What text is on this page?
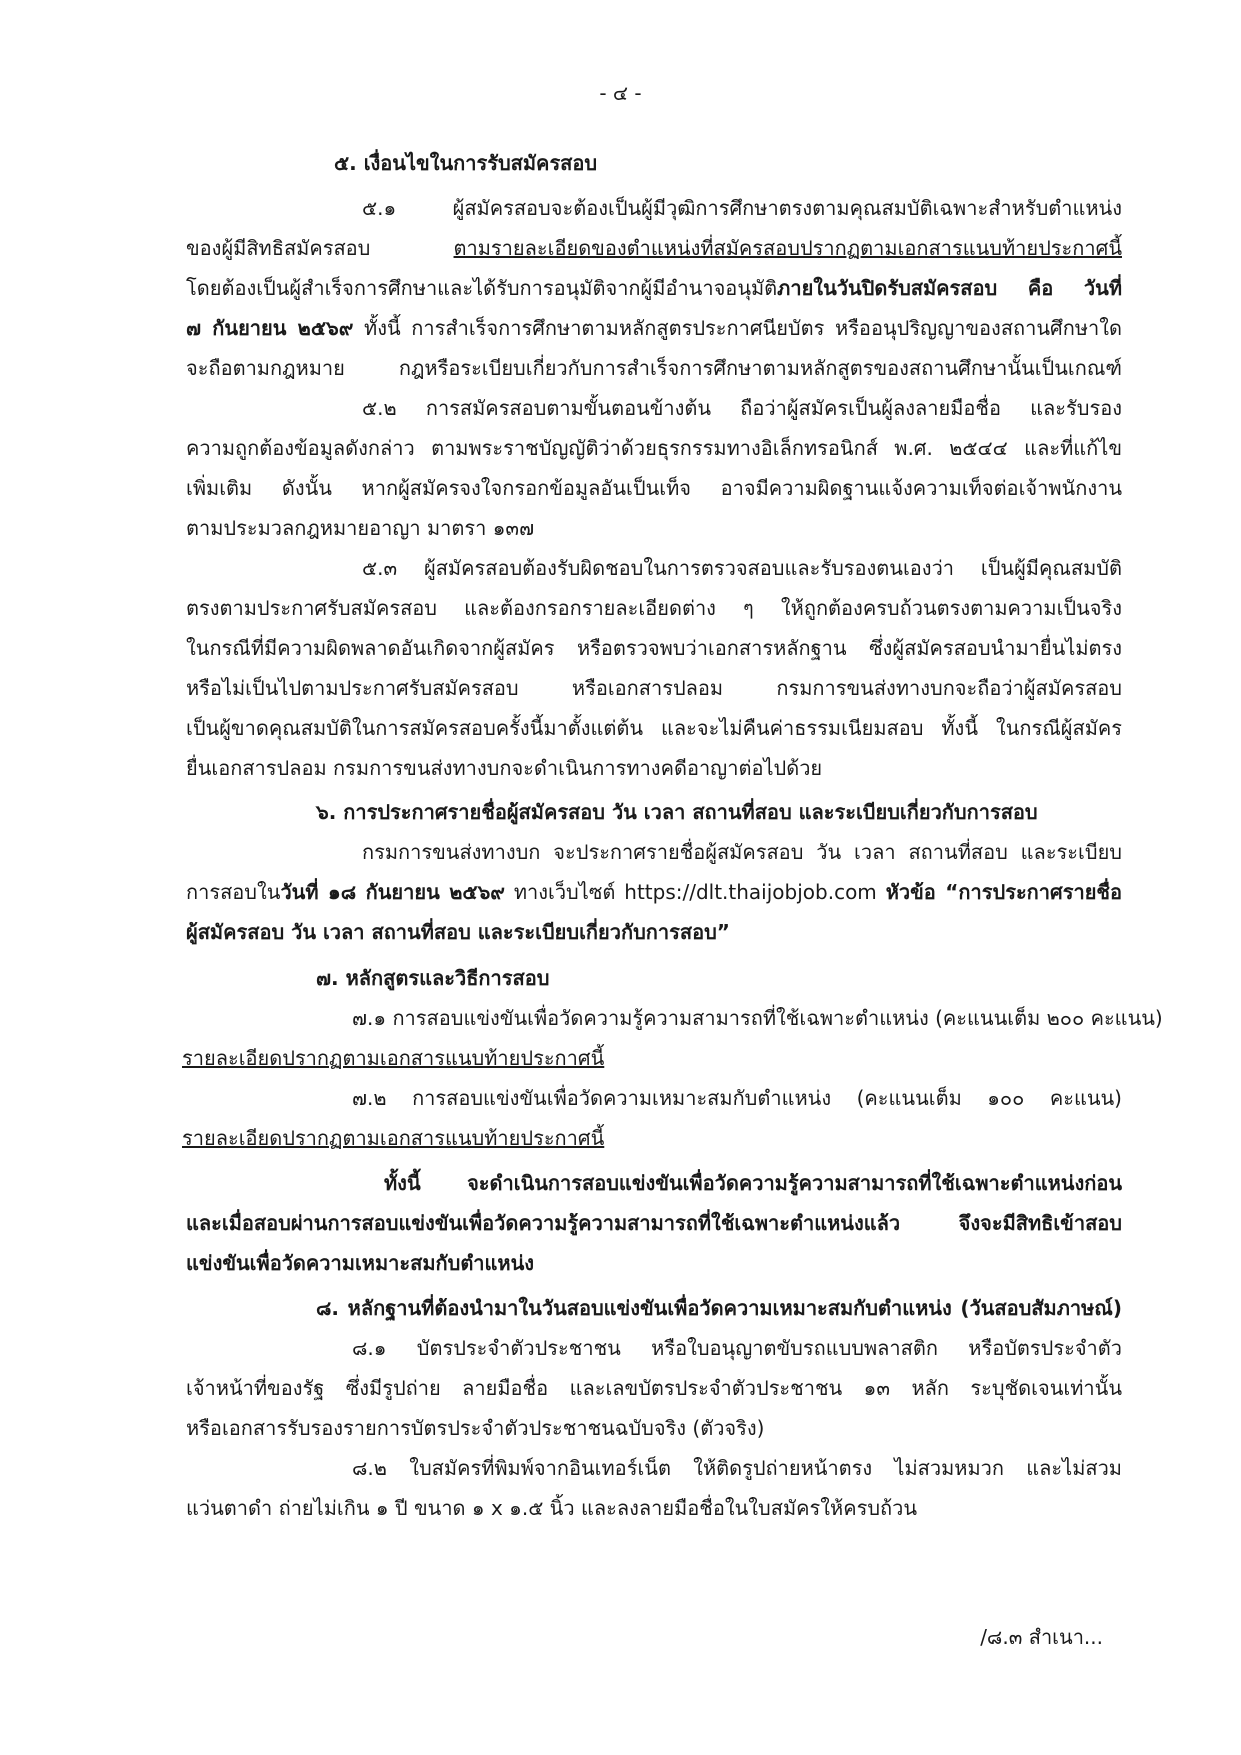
- ๔ -
๕. เงื่อนไขในการรับสมัครสอบ
๕.๑ ผู้สมัครสอบจะต้องเป็นผู้มีวุฒิการศึกษาตรงตามคุณสมบัติเฉพาะสำหรับตำแหน่ง
ของผู้มีสิทธิสมัครสอบ	ตามรายละเอียดของตำแหน่งที่สมัครสอบปรากฏตามเอกสารแนบท้ายประกาศนี้
โดยต้องเป็นผู้สำเร็จการศึกษาและได้รับการอนุมัติจากผู้มีอำนาจอนุมัติภายในวันปิดรับสมัครสอบ คือ วันที่
๗ กันยายน ๒๕๖๙ ทั้งนี้ การสำเร็จการศึกษาตามหลักสูตรประกาศนียบัตร หรืออนุปริญญาของสถานศึกษาใด
จะถือตามกฎหมาย กฎหรือระเบียบเกี่ยวกับการสำเร็จการศึกษาตามหลักสูตรของสถานศึกษานั้นเป็นเกณฑ์
๕.๒ การสมัครสอบตามขั้นตอนข้างต้น ถือว่าผู้สมัครเป็นผู้ลงลายมือชื่อ และรับรอง
ความถูกต้องข้อมูลดังกล่าว ตามพระราชบัญญัติว่าด้วยธุรกรรมทางอิเล็กทรอนิกส์ พ.ศ. ๒๕๔๔ และที่แก้ไข
เพิ่มเติม ดังนั้น หากผู้สมัครจงใจกรอกข้อมูลอันเป็นเท็จ อาจมีความผิดฐานแจ้งความเท็จต่อเจ้าพนักงาน
ตามประมวลกฎหมายอาญา มาตรา ๑๓๗
๕.๓ ผู้สมัครสอบต้องรับผิดชอบในการตรวจสอบและรับรองตนเองว่า เป็นผู้มีคุณสมบัติ
ตรงตามประกาศรับสมัครสอบ และต้องกรอกรายละเอียดต่าง ๆ ให้ถูกต้องครบถ้วนตรงตามความเป็นจริง
ในกรณีที่มีความผิดพลาดอันเกิดจากผู้สมัคร หรือตรวจพบว่าเอกสารหลักฐาน ซึ่งผู้สมัครสอบนำมายื่นไม่ตรง
หรือไม่เป็นไปตามประกาศรับสมัครสอบ หรือเอกสารปลอม กรมการขนส่งทางบกจะถือว่าผู้สมัครสอบ
เป็นผู้ขาดคุณสมบัติในการสมัครสอบครั้งนี้มาตั้งแต่ต้น และจะไม่คืนค่าธรรมเนียมสอบ ทั้งนี้ ในกรณีผู้สมัคร
ยื่นเอกสารปลอม กรมการขนส่งทางบกจะดำเนินการทางคดีอาญาต่อไปด้วย
๖. การประกาศรายชื่อผู้สมัครสอบ วัน เวลา สถานที่สอบ และระเบียบเกี่ยวกับการสอบ
กรมการขนส่งทางบก จะประกาศรายชื่อผู้สมัครสอบ วัน เวลา สถานที่สอบ และระเบียบ
การสอบในวันที่ ๑๘ กันยายน ๒๕๖๙ ทางเว็บไซต์ https://dlt.thaijobjob.com หัวข้อ “การประกาศรายชื่อ
ผู้สมัครสอบ วัน เวลา สถานที่สอบ และระเบียบเกี่ยวกับการสอบ”
๗. หลักสูตรและวิธีการสอบ
๗.๑ การสอบแข่งขันเพื่อวัดความรู้ความสามารถที่ใช้เฉพาะตำแหน่ง (คะแนนเต็ม ๒๐๐ คะแนน)
รายละเอียดปรากฏตามเอกสารแนบท้ายประกาศนี้
๗.๒ การสอบแข่งขันเพื่อวัดความเหมาะสมกับตำแหน่ง (คะแนนเต็ม ๑๐๐ คะแนน)
รายละเอียดปรากฏตามเอกสารแนบท้ายประกาศนี้
ทั้งนี้ จะดำเนินการสอบแข่งขันเพื่อวัดความรู้ความสามารถที่ใช้เฉพาะตำแหน่งก่อน
และเมื่อสอบผ่านการสอบแข่งขันเพื่อวัดความรู้ความสามารถที่ใช้เฉพาะตำแหน่งแล้ว จึงจะมีสิทธิเข้าสอบ
แข่งขันเพื่อวัดความเหมาะสมกับตำแหน่ง
๘. หลักฐานที่ต้องนำมาในวันสอบแข่งขันเพื่อวัดความเหมาะสมกับตำแหน่ง (วันสอบสัมภาษณ์)
๘.๑ บัตรประจำตัวประชาชน หรือใบอนุญาตขับรถแบบพลาสติก หรือบัตรประจำตัว
เจ้าหน้าที่ของรัฐ ซึ่งมีรูปถ่าย ลายมือชื่อ และเลขบัตรประจำตัวประชาชน ๑๓ หลัก ระบุชัดเจนเท่านั้น
หรือเอกสารรับรองรายการบัตรประจำตัวประชาชนฉบับจริง (ตัวจริง)
๘.๒ ใบสมัครที่พิมพ์จากอินเทอร์เน็ต ให้ติดรูปถ่ายหน้าตรง ไม่สวมหมวก และไม่สวม
แว่นตาดำ ถ่ายไม่เกิน ๑ ปี ขนาด ๑ x ๑.๕ นิ้ว และลงลายมือชื่อในใบสมัครให้ครบถ้วน
/๘.๓ สำเนา...
